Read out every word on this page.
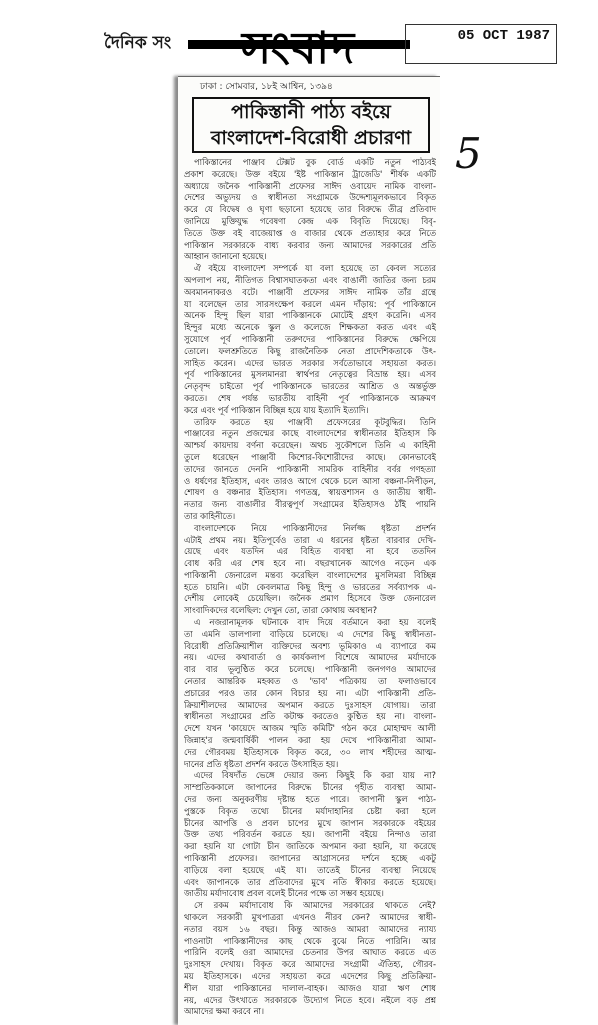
দৈনিক সং	সংবাদ	05 OCT 1987
5
ঢাকা : সোমবার, ১৮ই আশ্বিন, ১৩৯৪
পাকিস্তানী পাঠ্য বইয়ে
বাংলাদেশ-বিরোধী প্রচারণা
পাকিস্তানের পাঞ্জাব টেক্সট বুক বোর্ড একটি নতুন পাঠ্যবই
প্রকাশ করেছে। উক্ত বইয়ে 'ইষ্ট পাকিস্তান ট্রাজেডি' শীর্ষক একটি
অধ্যায়ে জনৈক পাকিস্তানী প্রফেসর সাঈদ ওবায়েদ নামিক বাংলা-
দেশের অভ্যুদয় ও স্বাধীনতা সংগ্রামকে উদ্দেশ্যমূলকভাবে বিকৃত
করে যে বিদ্বেষ ও ঘৃণা ছড়ানো হয়েছে তার বিরুদ্ধে তীব্র প্রতিবাদ
জানিয়ে মুক্তিযুদ্ধ গবেষণা কেন্দ্র এক বিবৃতি দিয়েছে। বিবৃ-
তিতে উক্ত বই বাজেয়াপ্ত ও বাজার থেকে প্রত্যাহার করে নিতে
পাকিস্তান সরকারকে বাধ্য করবার জন্য আমাদের সরকারের প্রতি
আহ্বান জানানো হয়েছে।
ঐ বইয়ে বাংলাদেশ সম্পর্কে যা বলা হয়েছে তা কেবল সত্যের
অপলাপ নয়, নীতিগত বিশ্বাসঘাতকতা এবং বাঙালী জাতির জন্য চরম
অবমাননাকরও বটে। পাঞ্জাবী প্রফেসর সাঈদ নামিক তাঁর গ্রন্থে
যা বলেছেন তার সারসংক্ষেপ করলে এমন দাঁড়ায়: পূর্ব পাকিস্তানে
অনেক হিন্দু ছিল যারা পাকিস্তানকে মোটেই গ্রহণ করেনি। এসব
হিন্দুর মধ্যে অনেকে স্কুল ও কলেজে শিক্ষকতা করত এবং এই
সুযোগে পূর্ব পাকিস্তানী তরুণদের পাকিস্তানের বিরুদ্ধে ক্ষেপিয়ে
তোলে। ফলশ্রুতিতে কিছু রাজনৈতিক নেতা প্রাদেশিকতাকে উৎ-
সাহিত করেন। এদের ভারত সরকার সর্বতোভাবে সহায়তা করত।
পূর্ব পাকিস্তানের মুসলমানরা স্বার্থপর নেতৃত্বের বিভ্রান্ত হয়। এসব
নেতৃবৃন্দ চাইতো পূর্ব পাকিস্তানকে ভারতের আশ্রিত ও অন্তর্ভুক্ত
করতে। শেষ পর্যন্ত ভারতীয় বাহিনী পূর্ব পাকিস্তানকে আক্রমণ
করে এবং পূর্ব পাকিস্তান বিচ্ছিন্ন হয়ে যায় ইত্যাদি ইত্যাদি।
তারিফ করতে হয় পাঞ্জাবী প্রফেসরের কূটবুদ্ধির। তিনি
পাঞ্জাবের নতুন প্রজন্মের কাছে বাংলাদেশের স্বাধীনতার ইতিহাস কি
আশ্চর্য কায়দায় বর্ণনা করেছেন। অথচ সুকৌশলে তিনি এ কাহিনী
তুলে ধরেছেন পাঞ্জাবী কিশোর-কিশোরীদের কাছে। কোনভাবেই
তাদের জানতে দেননি পাকিস্তানী সামরিক বাহিনীর বর্বর গণহত্যা
ও ধর্ষণের ইতিহাস, এবং তারও আগে থেকে চলে আসা বঞ্চনা-নিপীড়ন,
শোষণ ও বঞ্চনার ইতিহাস। গণতন্ত্র, স্বায়ত্তশাসন ও জাতীয় স্বাধী-
নতার জন্য বাঙালীর বীরত্বপূর্ণ সংগ্রামের ইতিহাসও ঠাঁই পায়নি
তার কাহিনীতে।
বাংলাদেশকে নিয়ে পাকিস্তানীদের নির্লজ্জ ধৃষ্টতা প্রদর্শন
এটাই প্রথম নয়। ইতিপূর্বেও তারা এ ধরনের ধৃষ্টতা বারবার দেখি-
য়েছে এবং যতদিন এর বিহিত ব্যবস্থা না হবে ততদিন
বোধ করি এর শেষ হবে না। বছরখানেক আগেও নড়েন এক
পাকিস্তানী জেনারেল মন্তব্য করেছিল বাংলাদেশের মুসলিমরা বিচ্ছিন্ন
হতে চায়নি। এটা কেবলমাত্র কিছু হিন্দু ও ভারতের সর্বব্যাপক এ-
দেশীয় লোকেই চেয়েছিল। জনৈক প্রমাণ হিসেবে উক্ত জেনারেল
সাংবাদিকদের বলেছিল: দেখুন তো, তারা কোথায় অবস্থান?
এ নজরানামূলক ঘটনাকে বাদ দিয়ে বর্তমানে করা হয় বলেই
তা এমনি ডালপালা বাড়িয়ে চলেছে। এ দেশের কিছু স্বাধীনতা-
বিরোধী প্রতিক্রিয়াশীল ব্যক্তিদের অবশ্য ভূমিকাও এ ব্যাপারে কম
নয়। এদের কথাবার্তা ও কার্যকলাপ বিশেষে আমাদের মর্যাদাকে
বার বার ভূলুণ্ঠিত করে চলেছে। পাকিস্তানী জনগণও আমাদের
নেতার আন্তরিক মহব্বত ও 'ভাব' পত্রিকায় তা ফলাওভাবে
প্রচারের পরও তার কোন বিচার হয় না। এটা পাকিস্তানী প্রতি-
ক্রিয়াশীলদের আমাদের অপমান করতে দুঃসাহস যোগায়। তারা
স্বাধীনতা সংগ্রামের প্রতি কটাক্ষ করতেও কুণ্ঠিত হয় না। বাংলা-
দেশে যখন 'কায়েদে আজম স্মৃতি কমিটি' গঠন করে মোহাম্মদ আলী
জিন্নাহ'র জন্মবার্ষিকী পালন করা হয় দেখে পাকিস্তানীরা আমা-
দের গৌরবময় ইতিহাসকে বিকৃত করে, ৩০ লাখ শহীদের আত্ম-
দানের প্রতি ধৃষ্টতা প্রদর্শন করতে উৎসাহিত হয়।
এদের বিষদাঁত ভেঙ্গে দেয়ার জন্য কিছুই কি করা যায় না?
সাম্প্রতিককালে জাপানের বিরুদ্ধে চীনের গৃহীত ব্যবস্থা আমা-
দের জন্য অনুকরণীয় দৃষ্টান্ত হতে পারে। জাপানী স্কুল পাঠ্য-
পুস্তকে বিকৃত তথ্যে চীনের মর্যাদাহানির চেষ্টা করা হলে
চীনের আপত্তি ও প্রবল চাপের মুখে জাপান সরকারকে বইয়ের
উক্ত তথ্য পরিবর্তন করতে হয়। জাপানী বইয়ে নিন্দাও তারা
করা হয়নি যা গোটা চীন জাতিকে অপমান করা হয়নি, যা করেছে
পাকিস্তানী প্রফেসর। জাপানের আগ্রাসনের দর্শনে হচ্ছে একটু
বাড়িয়ে বলা হয়েছে এই যা। তাতেই চীনের ব্যবস্থা নিয়েছে
এবং জাপানকে তার প্রতিবাদের মুখে নতি স্বীকার করতে হয়েছে।
জাতীয় মর্যাদাবোধ প্রবল বলেই চীনের পক্ষে তা সম্ভব হয়েছে।
সে রকম মর্যাদাবোধ কি আমাদের সরকারের থাকতে নেই?
থাকলে সরকারী মুখপাত্ররা এখনও নীরব কেন? আমাদের স্বাধী-
নতার বয়স ১৬ বছর। কিন্তু আজও আমরা আমাদের ন্যায্য
পাওনাটা পাকিস্তানীদের কাছ থেকে বুঝে নিতে পারিনি। আর
পারিনি বলেই ওরা আমাদের চেতনার উপর আঘাত করতে এত
দুঃসাহস দেখায়। বিকৃত করে আমাদের সংগ্রামী ঐতিহ্য, গৌরব-
ময় ইতিহাসকে। এদের সহায়তা করে এদেশের কিছু প্রতিক্রিয়া-
শীল যারা পাকিস্তানের দালাল-বাহক। আজও যারা ঋণ শোধ
নয়, এদের উৎখাতে সরকারকে উদ্যোগ নিতে হবে। নইলে বড় প্রশ্ন
আমাদের ক্ষমা করবে না।
